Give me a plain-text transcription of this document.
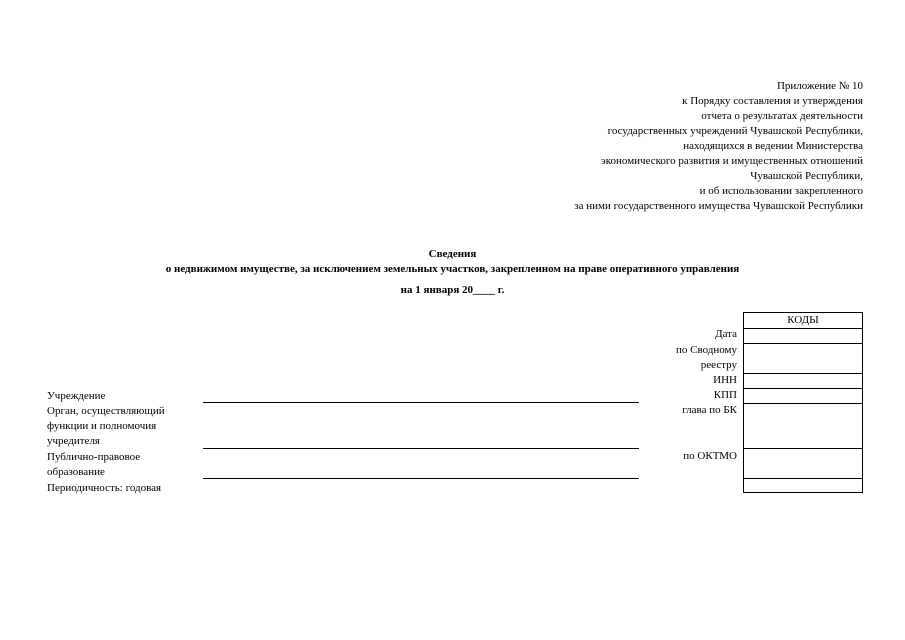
Приложение № 10
к Порядку составления и утверждения
отчета о результатах деятельности
государственных учреждений Чувашской Республики,
находящихся в ведении Министерства
экономического развития и имущественных отношений
Чувашской Республики,
и об использовании закрепленного
за ними государственного имущества Чувашской Республики
Сведения
о недвижимом имуществе, за исключением земельных участков, закрепленном на праве оперативного управления
на 1 января 20____ г.
КОДЫ
Дата
по Сводному
реестру
ИНН
КПП
глава по БК
по ОКТМО
Учреждение
Орган, осуществляющий
функции и полномочия
учредителя
Публично-правовое
образование
Периодичность: годовая
